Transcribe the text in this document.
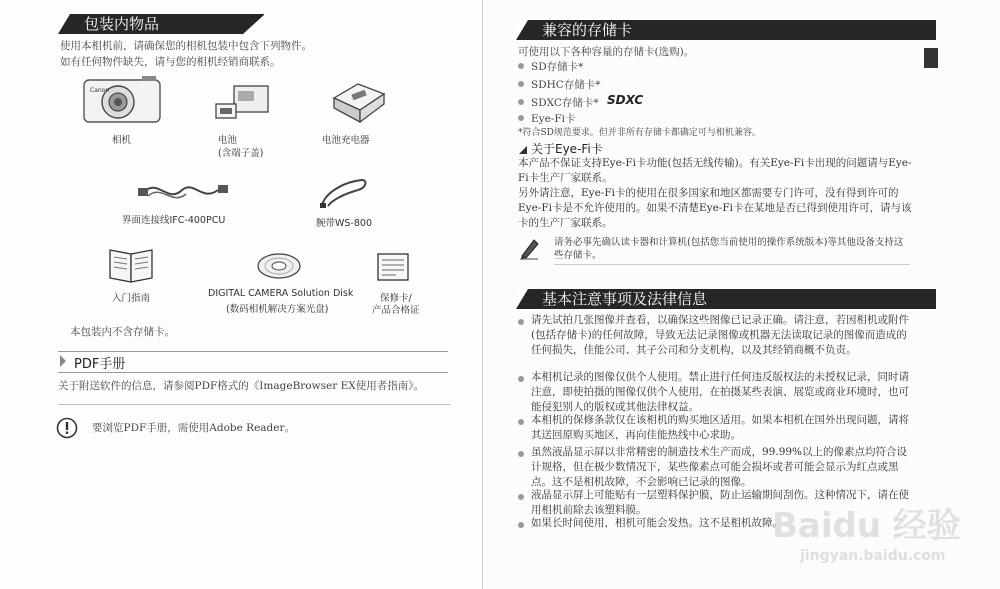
包装内物品
使用本相机前，请确保您的相机包装中包含下列物件。
如有任何物件缺失，请与您的相机经销商联系。
Canon
相机	电池
(含端子盖)
电池充电器
界面连接线IFC-400PCU	腕带WS-800
入门指南	DIGITAL CAMERA Solution Disk
(数码相机解决方案光盘)
保修卡/
产品合格证
本包装内不含存储卡。
PDF手册
关于附送软件的信息，请参阅PDF格式的《ImageBrowser EX使用者指南》。
要浏览PDF手册，需使用Adobe Reader。
兼容的存储卡
可使用以下各种容量的存储卡(选购)。
SD存储卡*
SDHC存储卡*
SDXC存储卡* SDXC
Eye-Fi卡
*符合SD规范要求。但并非所有存储卡都确定可与相机兼容。
关于Eye-Fi卡
本产品不保证支持Eye-Fi卡功能(包括无线传输)。有关Eye-Fi卡出现的问题请与Eye-Fi卡生产厂家联系。
另外请注意，Eye-Fi卡的使用在很多国家和地区都需要专门许可，没有得到许可的Eye-Fi卡是不允许使用的。如果不清楚Eye-Fi卡在某地是否已得到使用许可，请与该卡的生产厂家联系。
请务必事先确认读卡器和计算机(包括您当前使用的操作系统版本)等其他设备支持这些存储卡。
基本注意事项及法律信息
请先试拍几张图像并查看，以确保这些图像已记录正确。请注意，若因相机或附件(包括存储卡)的任何故障，导致无法记录图像或机器无法读取记录的图像而造成的任何损失，佳能公司、其子公司和分支机构，以及其经销商概不负责。
本相机记录的图像仅供个人使用。禁止进行任何违反版权法的未授权记录，同时请注意，即使拍摄的图像仅供个人使用，在拍摄某些表演、展览或商业环境时，也可能侵犯别人的版权或其他法律权益。
本相机的保修条款仅在该相机的购买地区适用。如果本相机在国外出现问题，请将其送回原购买地区，再向佳能热线中心求助。
虽然液晶显示屏以非常精密的制造技术生产而成，99.99%以上的像素点均符合设计规格，但在极少数情况下，某些像素点可能会损坏或者可能会显示为红点或黑点。这不是相机故障，不会影响已记录的图像。
液晶显示屏上可能贴有一层塑料保护膜，防止运输期间刮伤。这种情况下，请在使用相机前除去该塑料膜。
如果长时间使用，相机可能会发热。这不是相机故障。
Baidu 经验
jingyan.baidu.com
